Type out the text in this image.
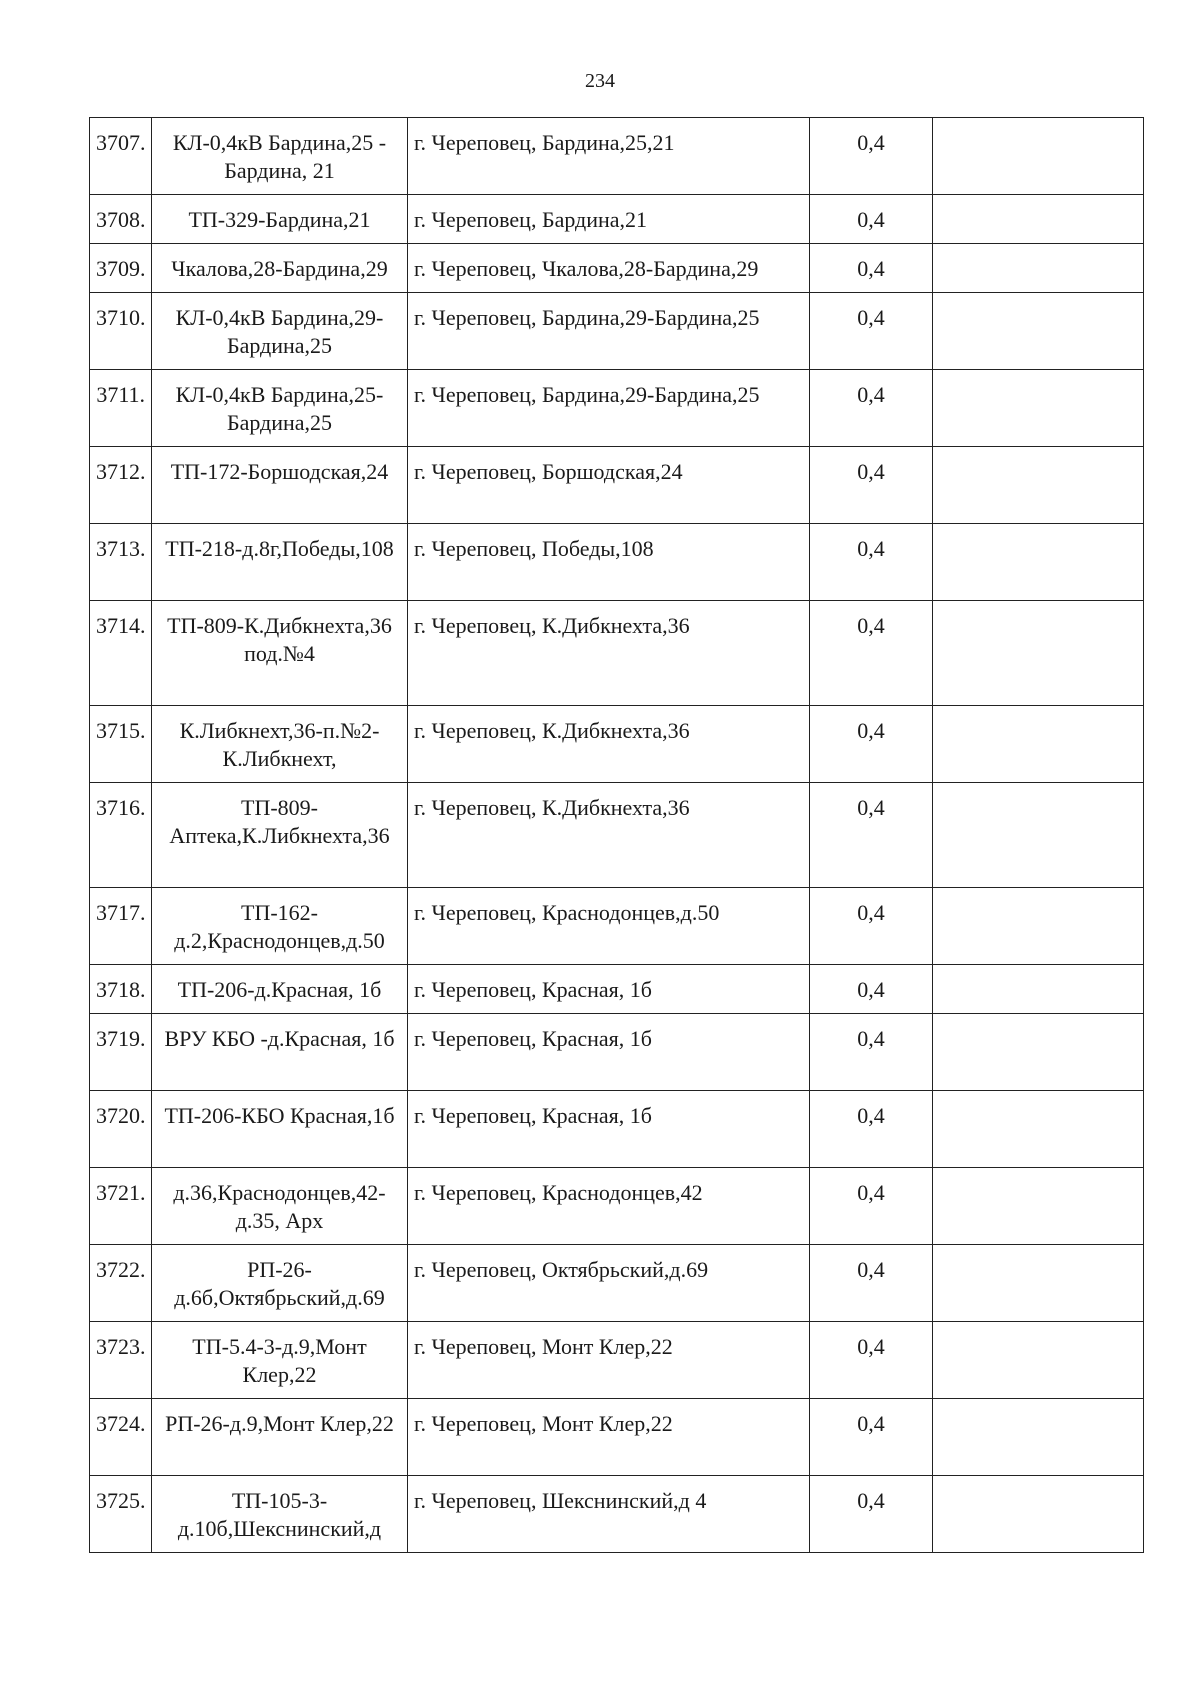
234
3707.	КЛ-0,4кВ Бардина,25 - Бардина, 21	г. Череповец, Бардина,25,21	0,4	
3708.	ТП-329-Бардина,21	г. Череповец, Бардина,21	0,4	
3709.	Чкалова,28-Бардина,29	г. Череповец, Чкалова,28-Бардина,29	0,4	
3710.	КЛ-0,4кВ Бардина,29-Бардина,25	г. Череповец, Бардина,29-Бардина,25	0,4	
3711.	КЛ-0,4кВ Бардина,25-Бардина,25	г. Череповец, Бардина,29-Бардина,25	0,4	
3712.	ТП-172-Боршодская,24	г. Череповец, Боршодская,24	0,4	
3713.	ТП-218-д.8г,Победы,108	г. Череповец, Победы,108	0,4	
3714.	ТП-809-К.Дибкнехта,36 под.№4	г. Череповец, К.Дибкнехта,36	0,4	
3715.	К.Либкнехт,36-п.№2-К.Либкнехт,	г. Череповец, К.Дибкнехта,36	0,4	
3716.	ТП-809-Аптека,К.Либкнехта,36	г. Череповец, К.Дибкнехта,36	0,4	
3717.	ТП-162-д.2,Краснодонцев,д.50	г. Череповец, Краснодонцев,д.50	0,4	
3718.	ТП-206-д.Красная, 1б	г. Череповец, Красная, 1б	0,4	
3719.	ВРУ КБО -д.Красная, 1б	г. Череповец, Красная, 1б	0,4	
3720.	ТП-206-КБО Красная,1б	г. Череповец, Красная, 1б	0,4	
3721.	д.36,Краснодонцев,42-д.35, Арх	г. Череповец, Краснодонцев,42	0,4	
3722.	РП-26-д.6б,Октябрьский,д.69	г. Череповец, Октябрьский,д.69	0,4	
3723.	ТП-5.4-3-д.9,Монт Клер,22	г. Череповец, Монт Клер,22	0,4	
3724.	РП-26-д.9,Монт Клер,22	г. Череповец, Монт Клер,22	0,4	
3725.	ТП-105-3-д.10б,Шекснинский,д	г. Череповец, Шекснинский,д 4	0,4	
